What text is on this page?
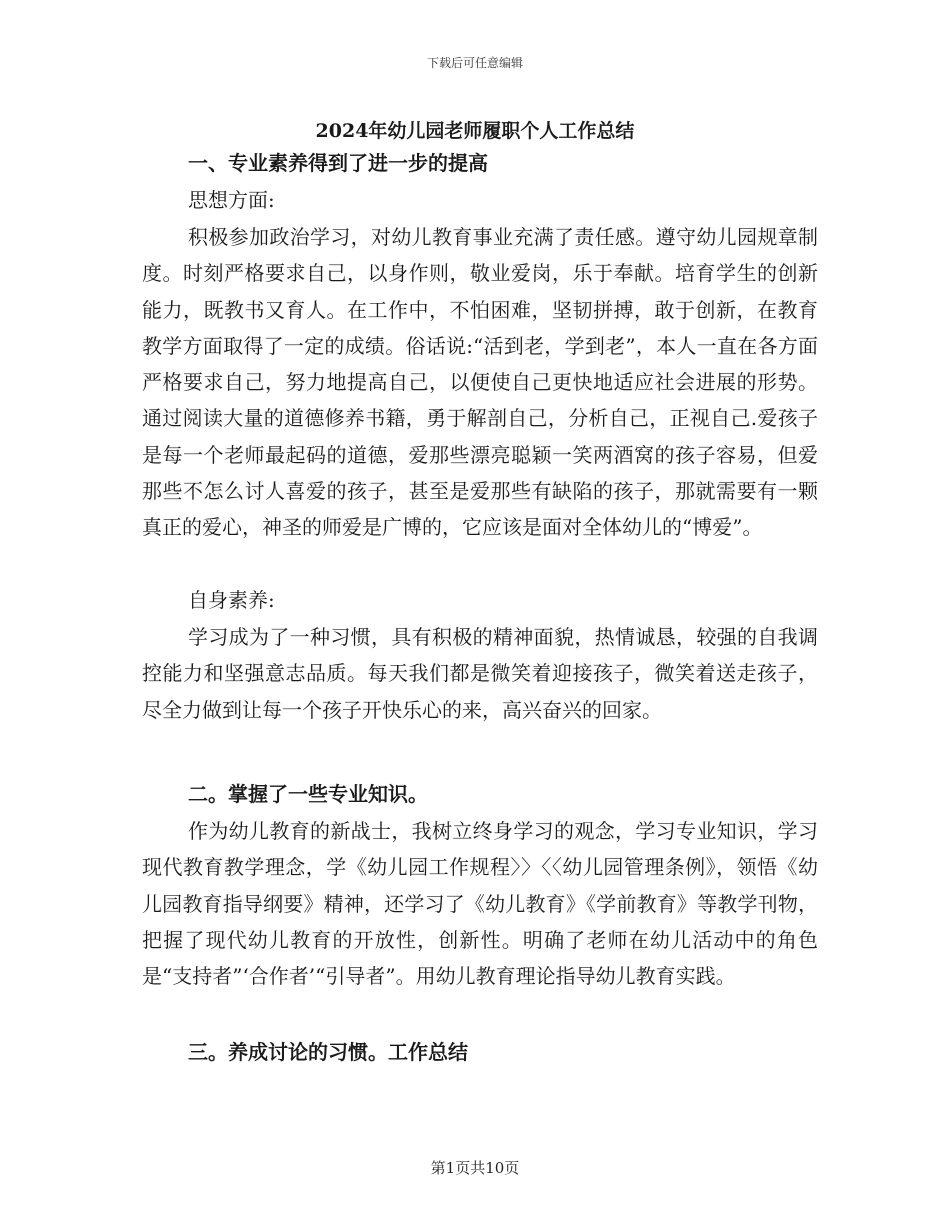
下载后可任意编辑
2024年幼儿园老师履职个人工作总结

一、专业素养得到了进一步的提高

思想方面:

积极参加政治学习，对幼儿教育事业充满了责任感。遵守幼儿园规章制度。时刻严格要求自己，以身作则，敬业爱岗，乐于奉献。培育学生的创新能力，既教书又育人。在工作中，不怕困难，坚韧拼搏，敢于创新，在教育教学方面取得了一定的成绩。俗话说:“活到老，学到老”，本人一直在各方面严格要求自己，努力地提高自己，以便使自己更快地适应社会进展的形势。通过阅读大量的道德修养书籍，勇于解剖自己，分析自己，正视自己.爱孩子是每一个老师最起码的道德，爱那些漂亮聪颖一笑两酒窝的孩子容易，但爱那些不怎么讨人喜爱的孩子，甚至是爱那些有缺陷的孩子，那就需要有一颗真正的爱心，神圣的师爱是广博的，它应该是面对全体幼儿的“博爱”。

自身素养:

学习成为了一种习惯，具有积极的精神面貌，热情诚恳，较强的自我调控能力和坚强意志品质。每天我们都是微笑着迎接孩子，微笑着送走孩子，尽全力做到让每一个孩子开快乐心的来，高兴奋兴的回家。

二。掌握了一些专业知识。

作为幼儿教育的新战士，我树立终身学习的观念，学习专业知识，学习现代教育教学理念，学《幼儿园工作规程〉〉〈〈幼儿园管理条例》，领悟《幼儿园教育指导纲要》精神，还学习了《幼儿教育》《学前教育》等教学刊物，把握了现代幼儿教育的开放性，创新性。明确了老师在幼儿活动中的角色是“支持者”‘合作者’“引导者”。用幼儿教育理论指导幼儿教育实践。

三。养成讨论的习惯。工作总结

第1页共10页
